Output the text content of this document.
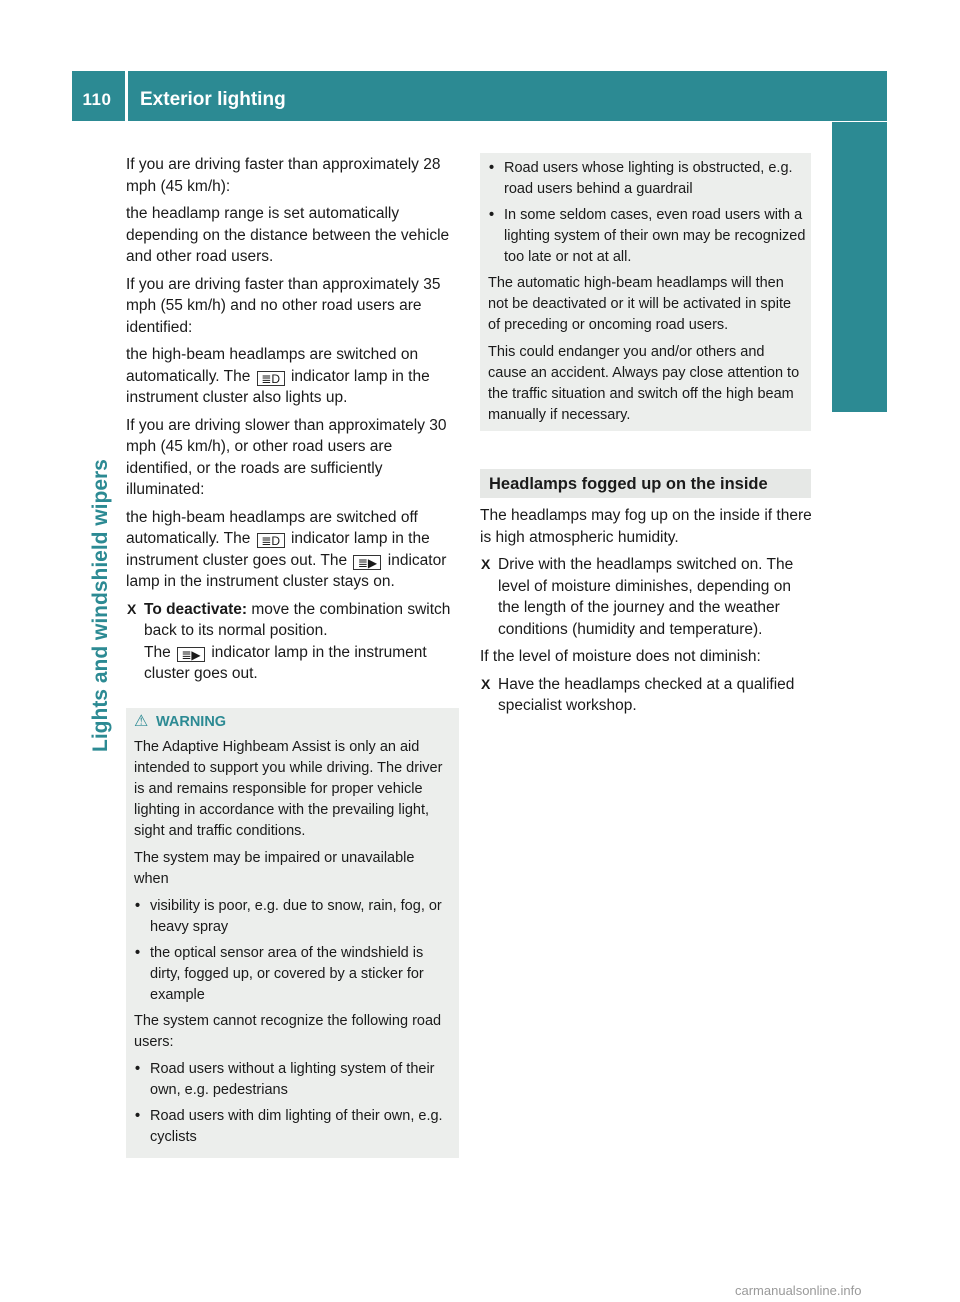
110	Exterior lighting
Lights and windshield wipers

If you are driving faster than approximately 28 mph (45 km/h):

the headlamp range is set automatically depending on the distance between the vehicle and other road users.

If you are driving faster than approximately 35 mph (55 km/h) and no other road users are identified:

the high-beam headlamps are switched on automatically. The ≣D indicator lamp in the instrument cluster also lights up.

If you are driving slower than approximately 30 mph (45 km/h), or other road users are identified, or the roads are sufficiently illuminated:

the high-beam headlamps are switched off automatically. The ≣D indicator lamp in the instrument cluster goes out. The ≣▶ indicator lamp in the instrument cluster stays on.

X To deactivate: move the combination switch back to its normal position.
The ≣▶ indicator lamp in the instrument cluster goes out.
⚠ WARNING

The Adaptive Highbeam Assist is only an aid intended to support you while driving. The driver is and remains responsible for proper vehicle lighting in accordance with the prevailing light, sight and traffic conditions.

The system may be impaired or unavailable when

• visibility is poor, e.g. due to snow, rain, fog, or heavy spray
• the optical sensor area of the windshield is dirty, fogged up, or covered by a sticker for example

The system cannot recognize the following road users:

• Road users without a lighting system of their own, e.g. pedestrians
• Road users with dim lighting of their own, e.g. cyclists
• Road users whose lighting is obstructed, e.g. road users behind a guardrail
• In some seldom cases, even road users with a lighting system of their own may be recognized too late or not at all.

The automatic high-beam headlamps will then not be deactivated or it will be activated in spite of preceding or oncoming road users.

This could endanger you and/or others and cause an accident. Always pay close attention to the traffic situation and switch off the high beam manually if necessary.

Headlamps fogged up on the inside

The headlamps may fog up on the inside if there is high atmospheric humidity.

X Drive with the headlamps switched on. The level of moisture diminishes, depending on the length of the journey and the weather conditions (humidity and temperature).

If the level of moisture does not diminish:

X Have the headlamps checked at a qualified specialist workshop.
carmanualsonline.info
